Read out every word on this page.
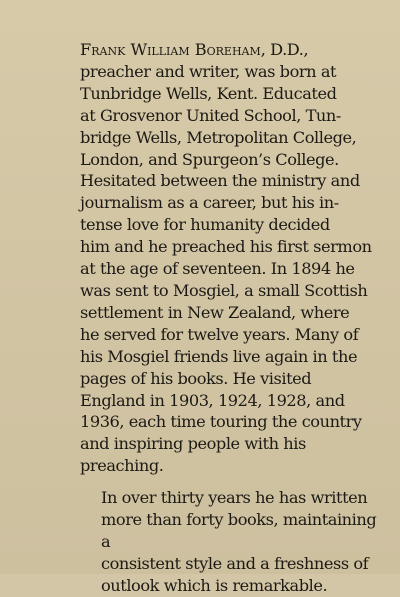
Frank William Boreham, D.D.,
preacher and writer, was born at
Tunbridge Wells, Kent. Educated
at Grosvenor United School, Tun-
bridge Wells, Metropolitan College,
London, and Spurgeon’s College.
Hesitated between the ministry and
journalism as a career, but his in-
tense love for humanity decided
him and he preached his first sermon
at the age of seventeen. In 1894 he
was sent to Mosgiel, a small Scottish
settlement in New Zealand, where
he served for twelve years. Many of
his Mosgiel friends live again in the
pages of his books. He visited
England in 1903, 1924, 1928, and
1936, each time touring the country
and inspiring people with his
preaching.

In over thirty years he has written
more than forty books, maintaining a
consistent style and a freshness of
outlook which is remarkable.
